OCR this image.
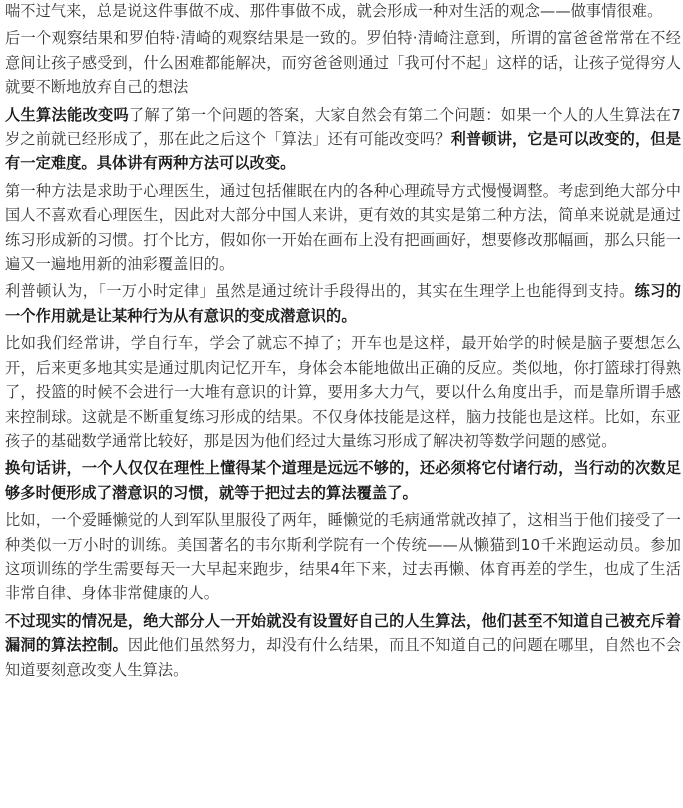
喘不过气来，总是说这件事做不成、那件事做不成，就会形成一种对生活的观念——做事情很难。

后一个观察结果和罗伯特·清崎的观察结果是一致的。罗伯特·清崎注意到，所谓的富爸爸常常在不经意间让孩子感受到，什么困难都能解决，而穷爸爸则通过「我可付不起」这样的话，让孩子觉得穷人就要不断地放弃自己的想法

人生算法能改变吗了解了第一个问题的答案，大家自然会有第二个问题：如果一个人的人生算法在7岁之前就已经形成了，那在此之后这个「算法」还有可能改变吗？利普顿讲，它是可以改变的，但是有一定难度。具体讲有两种方法可以改变。

第一种方法是求助于心理医生，通过包括催眠在内的各种心理疏导方式慢慢调整。考虑到绝大部分中国人不喜欢看心理医生，因此对大部分中国人来讲，更有效的其实是第二种方法，简单来说就是通过练习形成新的习惯。打个比方，假如你一开始在画布上没有把画画好，想要修改那幅画，那么只能一遍又一遍地用新的油彩覆盖旧的。

利普顿认为，「一万小时定律」虽然是通过统计手段得出的，其实在生理学上也能得到支持。练习的一个作用就是让某种行为从有意识的变成潜意识的。

比如我们经常讲，学自行车，学会了就忘不掉了；开车也是这样，最开始学的时候是脑子要想怎么开，后来更多地其实是通过肌肉记忆开车，身体会本能地做出正确的反应。类似地，你打篮球打得熟了，投篮的时候不会进行一大堆有意识的计算，要用多大力气，要以什么角度出手，而是靠所谓手感来控制球。这就是不断重复练习形成的结果。不仅身体技能是这样，脑力技能也是这样。比如，东亚孩子的基础数学通常比较好，那是因为他们经过大量练习形成了解决初等数学问题的感觉。

换句话讲，一个人仅仅在理性上懂得某个道理是远远不够的，还必须将它付诸行动，当行动的次数足够多时便形成了潜意识的习惯，就等于把过去的算法覆盖了。

比如，一个爱睡懒觉的人到军队里服役了两年，睡懒觉的毛病通常就改掉了，这相当于他们接受了一种类似一万小时的训练。美国著名的韦尔斯利学院有一个传统——从懒猫到10千米跑运动员。参加这项训练的学生需要每天一大早起来跑步，结果4年下来，过去再懒、体育再差的学生，也成了生活非常自律、身体非常健康的人。

不过现实的情况是，绝大部分人一开始就没有设置好自己的人生算法，他们甚至不知道自己被充斥着漏洞的算法控制。因此他们虽然努力，却没有什么结果，而且不知道自己的问题在哪里，自然也不会知道要刻意改变人生算法。
